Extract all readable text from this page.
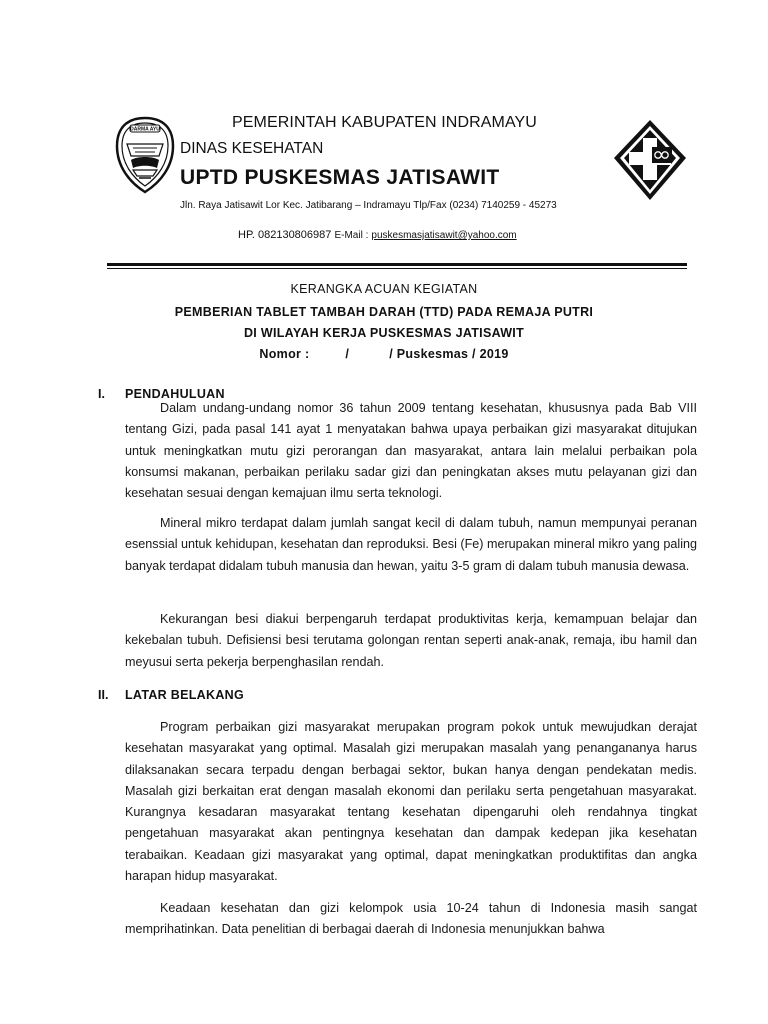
DARMA AYU	PEMERINTAH KABUPATEN INDRAMAYU
DINAS KESEHATAN
UPTD PUSKESMAS JATISAWIT
Jln. Raya Jatisawit Lor Kec. Jatibarang – Indramayu Tlp/Fax (0234) 7140259 - 45273
HP. 082130806987 E-Mail : puskesmasjatisawit@yahoo.com
KERANGKA ACUAN KEGIATAN
PEMBERIAN TABLET TAMBAH DARAH (TTD) PADA REMAJA PUTRI
DI WILAYAH KERJA PUSKESMAS JATISAWIT
Nomor :	/	/ Puskesmas / 2019
I. PENDAHULUAN
Dalam undang-undang nomor 36 tahun 2009 tentang kesehatan, khususnya pada Bab VIII tentang Gizi, pada pasal 141 ayat 1 menyatakan bahwa upaya perbaikan gizi masyarakat ditujukan untuk meningkatkan mutu gizi perorangan dan masyarakat, antara lain melalui perbaikan pola konsumsi makanan, perbaikan perilaku sadar gizi dan peningkatan akses mutu pelayanan gizi dan kesehatan sesuai dengan kemajuan ilmu serta teknologi.
Mineral mikro terdapat dalam jumlah sangat kecil di dalam tubuh, namun mempunyai peranan esenssial untuk kehidupan, kesehatan dan reproduksi. Besi (Fe) merupakan mineral mikro yang paling banyak terdapat didalam tubuh manusia dan hewan, yaitu 3-5 gram di dalam tubuh manusia dewasa.
Kekurangan besi diakui berpengaruh terdapat produktivitas kerja, kemampuan belajar dan kekebalan tubuh. Defisiensi besi terutama golongan rentan seperti anak-anak, remaja, ibu hamil dan meyusui serta pekerja berpenghasilan rendah.
II. LATAR BELAKANG
Program perbaikan gizi masyarakat merupakan program pokok untuk mewujudkan derajat kesehatan masyarakat yang optimal. Masalah gizi merupakan masalah yang penangananya harus dilaksanakan secara terpadu dengan berbagai sektor, bukan hanya dengan pendekatan medis. Masalah gizi berkaitan erat dengan masalah ekonomi dan perilaku serta pengetahuan masyarakat. Kurangnya kesadaran masyarakat tentang kesehatan dipengaruhi oleh rendahnya tingkat pengetahuan masyarakat akan pentingnya kesehatan dan dampak kedepan jika kesehatan terabaikan. Keadaan gizi masyarakat yang optimal, dapat meningkatkan produktifitas dan angka harapan hidup masyarakat.
Keadaan kesehatan dan gizi kelompok usia 10-24 tahun di Indonesia masih sangat memprihatinkan. Data penelitian di berbagai daerah di Indonesia menunjukkan bahwa
